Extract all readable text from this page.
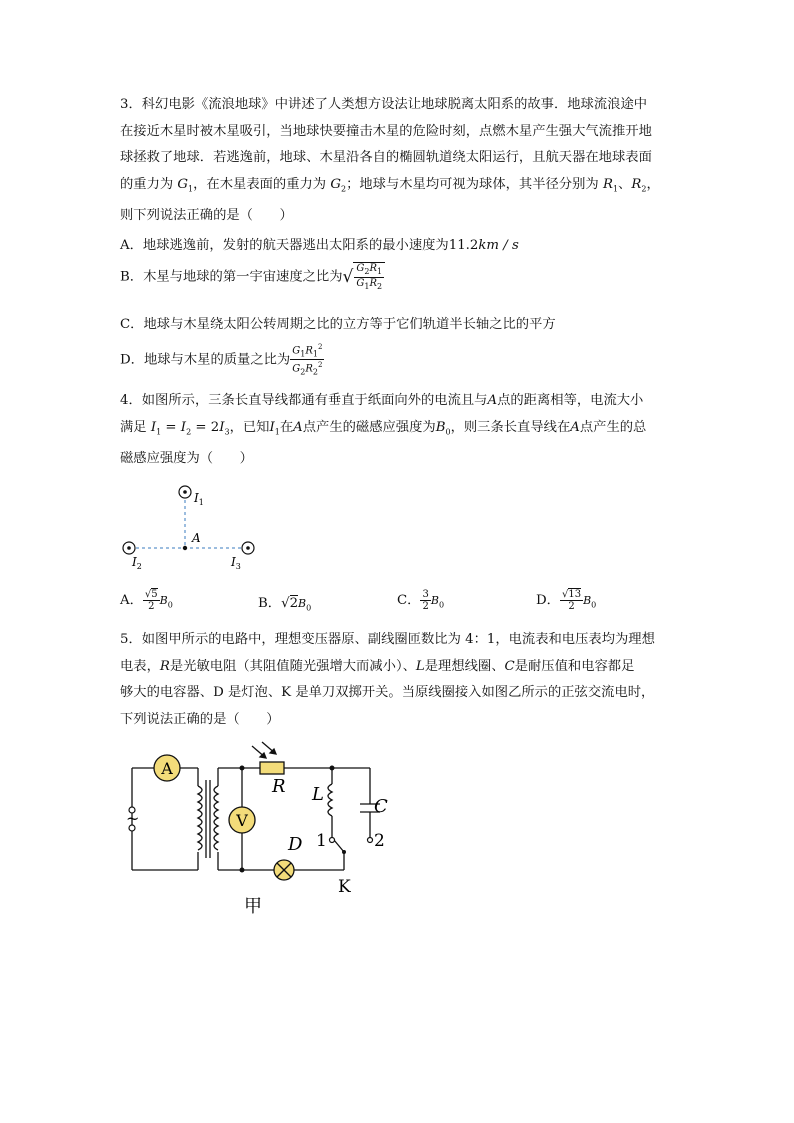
3．科幻电影《流浪地球》中讲述了人类想方设法让地球脱离太阳系的故事．地球流浪途中
在接近木星时被木星吸引，当地球快要撞击木星的危险时刻，点燃木星产生强大气流推开地
球拯救了地球．若逃逸前，地球、木星沿各自的椭圆轨道绕太阳运行，且航天器在地球表面
的重力为 $G_1$，在木星表面的重力为 $G_2$；地球与木星均可视为球体，其半径分别为 $R_1$、$R_2$，
则下列说法正确的是（　　）
A．地球逃逸前，发射的航天器逃出太阳系的最小速度为11.2km / s
B．木星与地球的第一宇宙速度之比为√ $\frac{G_2R_1}{G_1R_2}$
C．地球与木星绕太阳公转周期之比的立方等于它们轨道半长轴之比的平方
D．地球与木星的质量之比为 $\frac{G_1R_1^2}{G_2R_2^2}$
4．如图所示，三条长直导线都通有垂直于纸面向外的电流且与A点的距离相等，电流大小
满足 $I_1 = I_2 = 2I_3$，已知$I_1$在A点产生的磁感应强度为$B_0$，则三条长直导线在A点产生的总
磁感应强度为（　　）
A
$I_1$
$I_2$	$I_3$
A． $\frac{√5}{2} B_0$	B．$√2B_0$
C． $\frac{3}{2} B_0$	D． $\frac{√13}{2} B_0$
5．如图甲所示的电路中，理想变压器原、副线圈匝数比为 4：1，电流表和电压表均为理想
电表，R是光敏电阻（其阻值随光强增大而减小）、L是理想线圈、C是耐压值和电容都足
够大的电容器、D 是灯泡、K 是单刀双掷开关。当原线圈接入如图乙所示的正弦交流电时，
下列说法正确的是（　　）
A
V
~
R L
C
D 1	2
K
甲
